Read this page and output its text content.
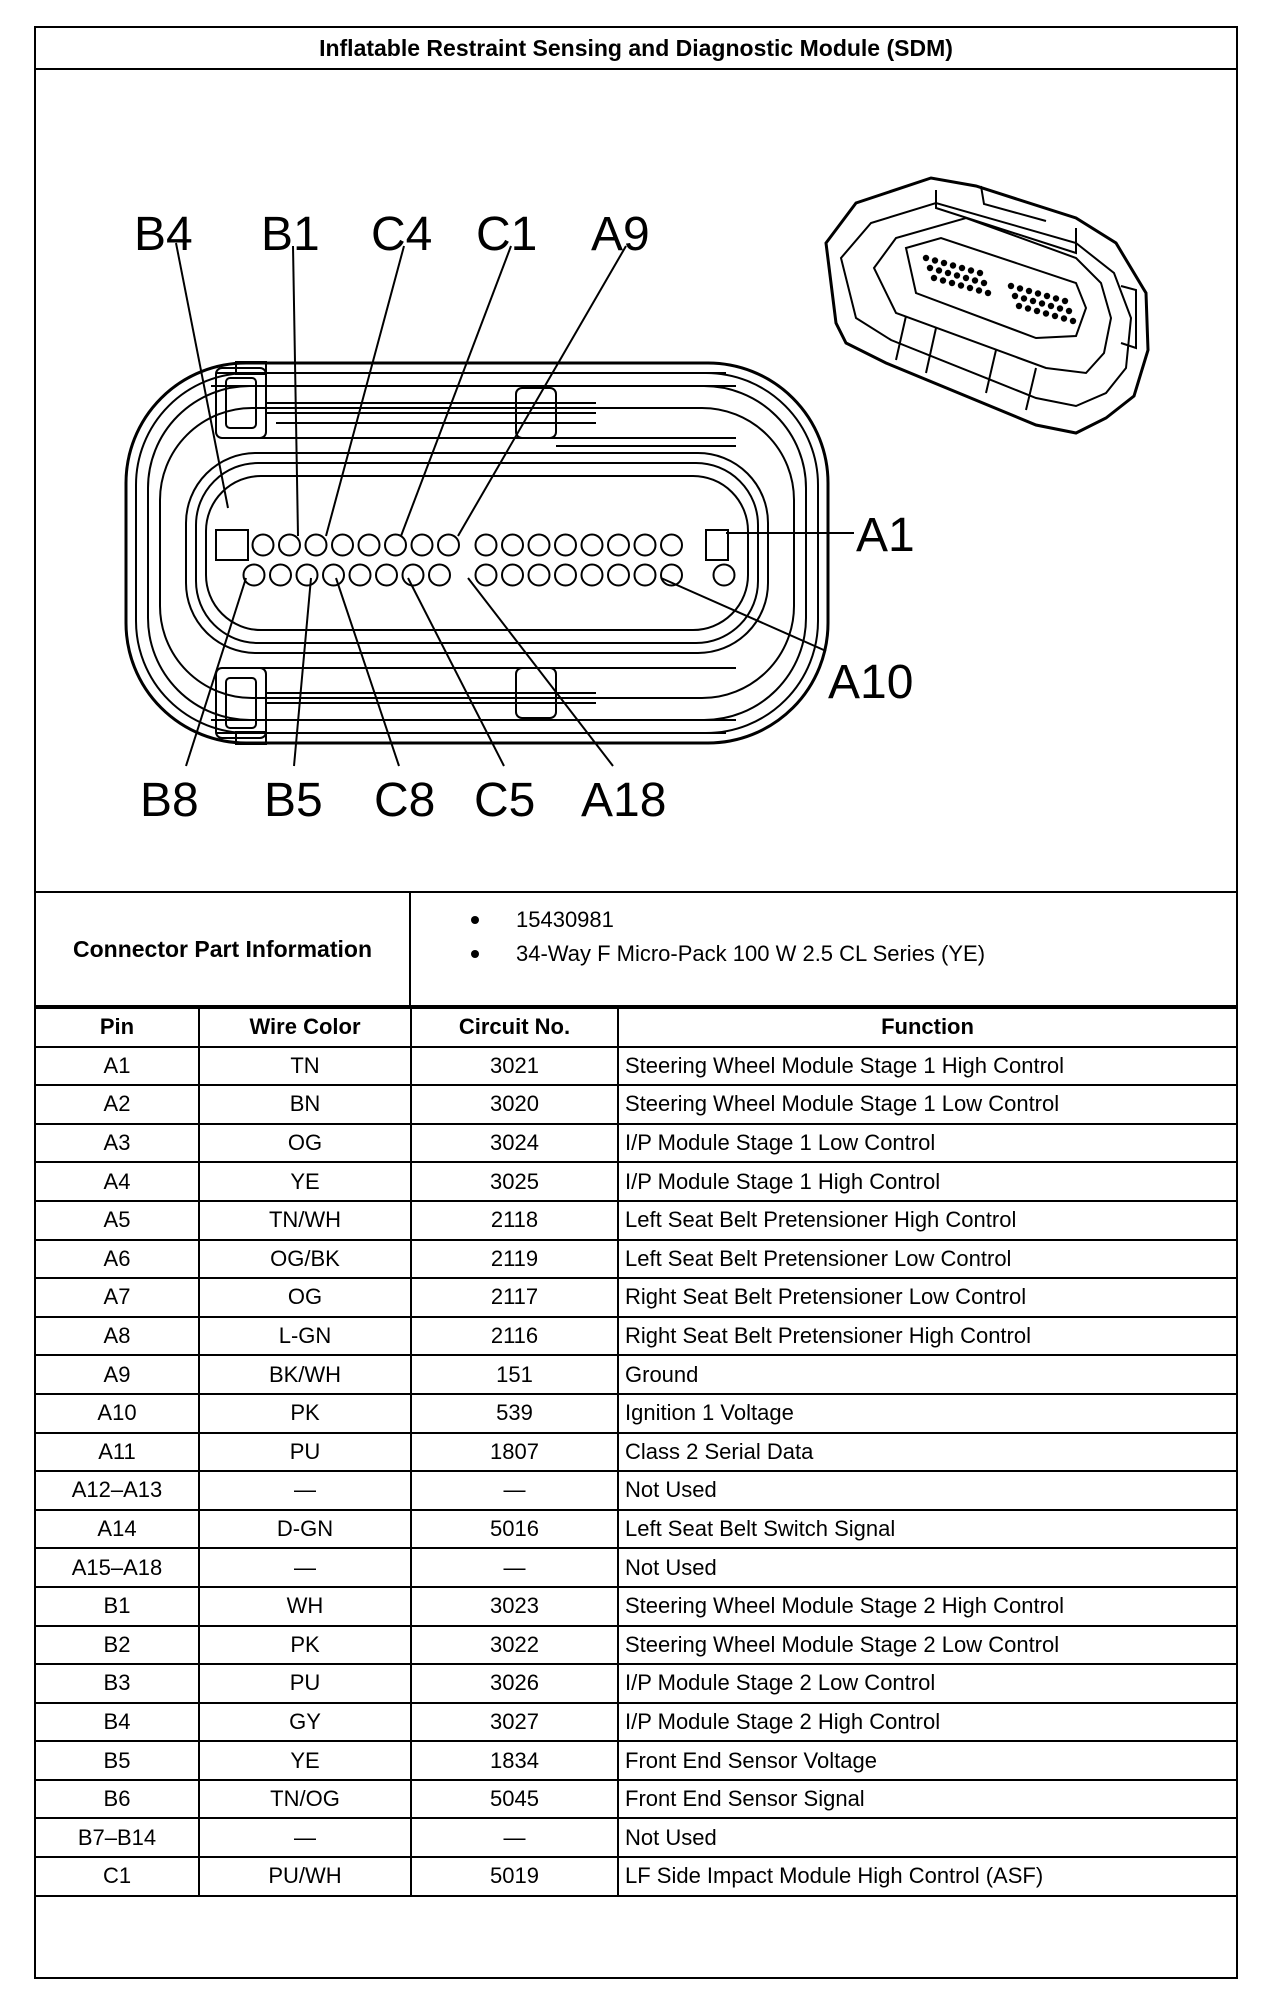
Inflatable Restraint Sensing and Diagnostic Module (SDM)
B4 B1 C4 C1 A9
B8 B5 C8 C5 A18
A1
A10
Connector Part Information
15430981
34-Way F Micro-Pack 100 W 2.5 CL Series (YE)
Pin	Wire Color	Circuit No.	Function
A1	TN	3021	Steering Wheel Module Stage 1 High Control
A2	BN	3020	Steering Wheel Module Stage 1 Low Control
A3	OG	3024	I/P Module Stage 1 Low Control
A4	YE	3025	I/P Module Stage 1 High Control
A5	TN/WH	2118	Left Seat Belt Pretensioner High Control
A6	OG/BK	2119	Left Seat Belt Pretensioner Low Control
A7	OG	2117	Right Seat Belt Pretensioner Low Control
A8	L-GN	2116	Right Seat Belt Pretensioner High Control
A9	BK/WH	151	Ground
A10	PK	539	Ignition 1 Voltage
A11	PU	1807	Class 2 Serial Data
A12–A13	—	—	Not Used
A14	D-GN	5016	Left Seat Belt Switch Signal
A15–A18	—	—	Not Used
B1	WH	3023	Steering Wheel Module Stage 2 High Control
B2	PK	3022	Steering Wheel Module Stage 2 Low Control
B3	PU	3026	I/P Module Stage 2 Low Control
B4	GY	3027	I/P Module Stage 2 High Control
B5	YE	1834	Front End Sensor Voltage
B6	TN/OG	5045	Front End Sensor Signal
B7–B14	—	—	Not Used
C1	PU/WH	5019	LF Side Impact Module High Control (ASF)
